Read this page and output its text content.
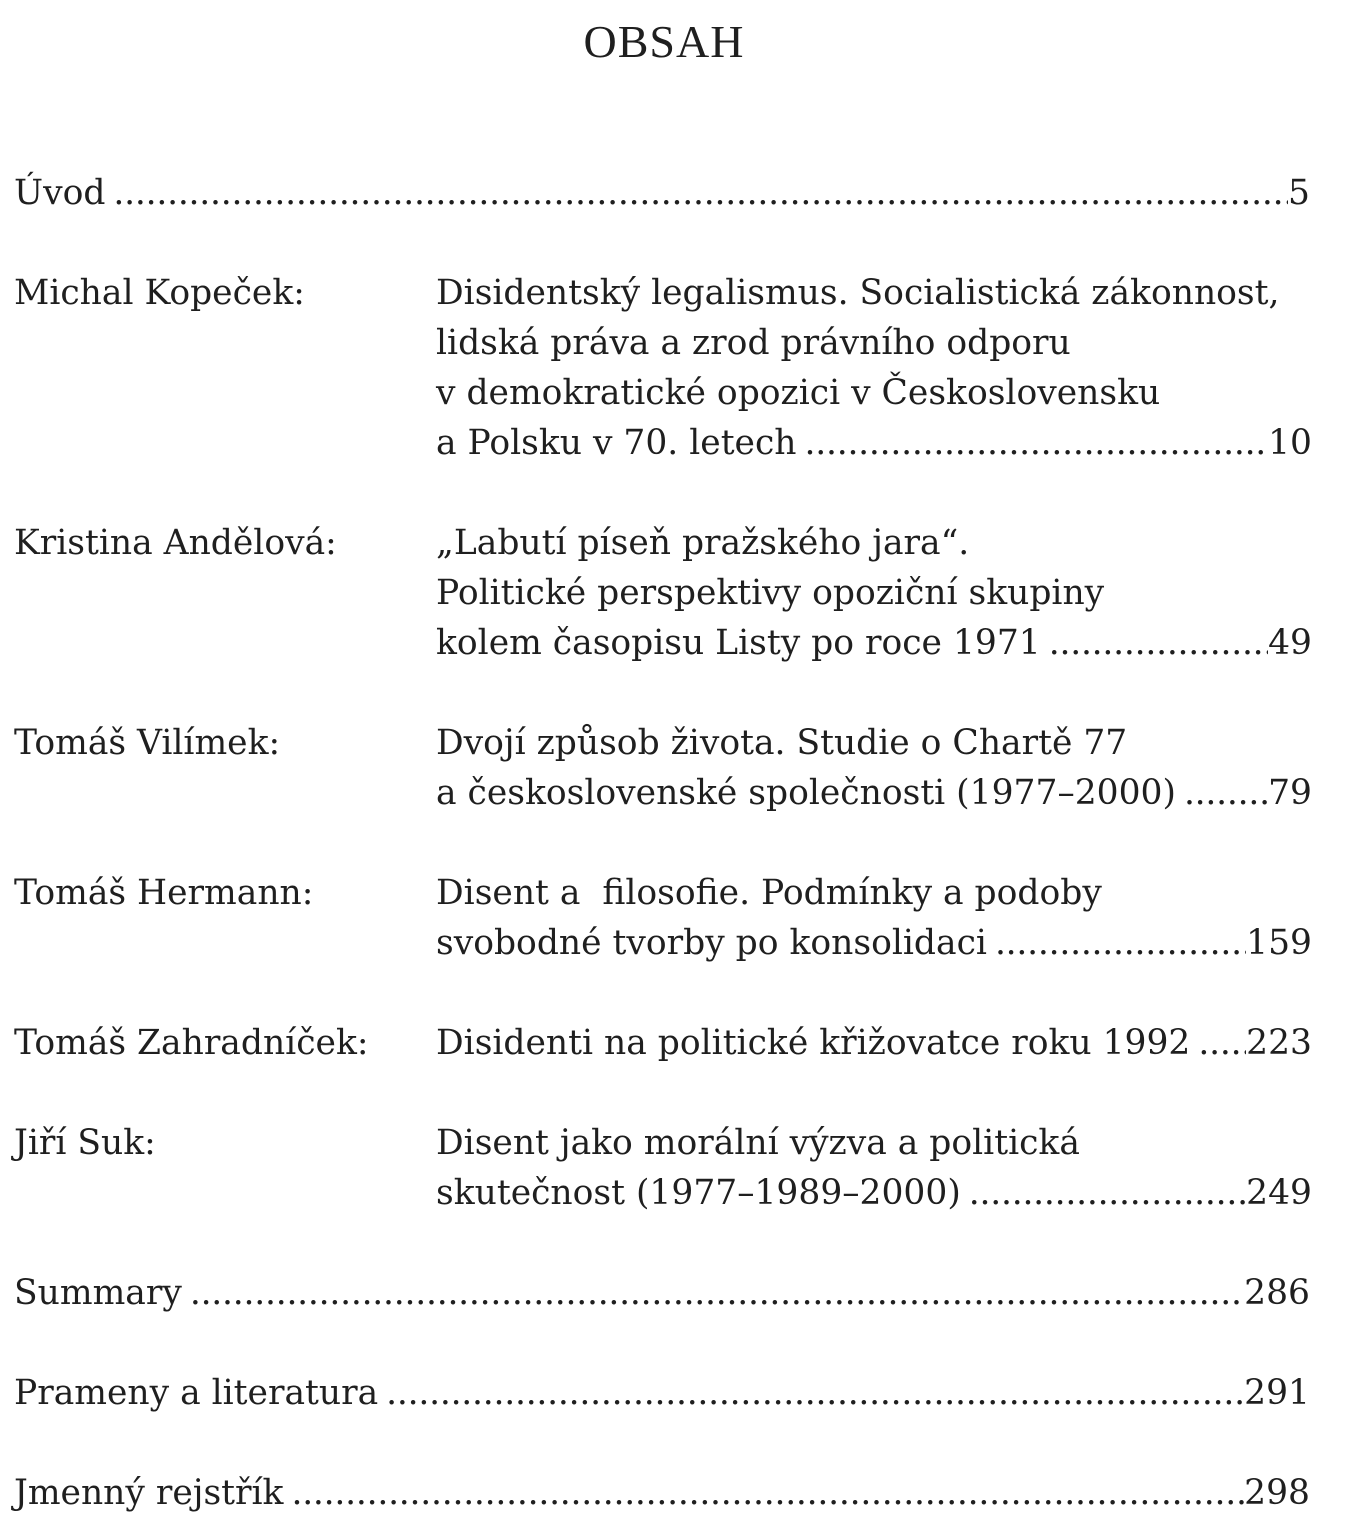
OBSAH
Úvod . . .	5
Michal Kopeček:	Disidentský legalismus. Socialistická zákonnost,
lidská práva a zrod právního odporu
v demokratické opozici v Československu
a Polsku v 70. letech . . .	10
Kristina Andělová:	„Labutí píseň pražského jara“.
Politické perspektivy opoziční skupiny
kolem časopisu Listy po roce 1971 . . .	49
Tomáš Vilímek:	Dvojí způsob života. Studie o Chartě 77
a československé společnosti (1977–2000) . . .	79
Tomáš Hermann:	Disent a  filosofie. Podmínky a podoby
svobodné tvorby po konsolidaci . . .	159
Tomáš Zahradníček: Disidenti na politické křižovatce roku 1992 . . . 223
Jiří Suk:	Disent jako morální výzva a politická
skutečnost (1977–1989–2000) . . .	249
Summary . . .	286
Prameny a literatura . . .	291
Jmenný rejstřík . . .	298
